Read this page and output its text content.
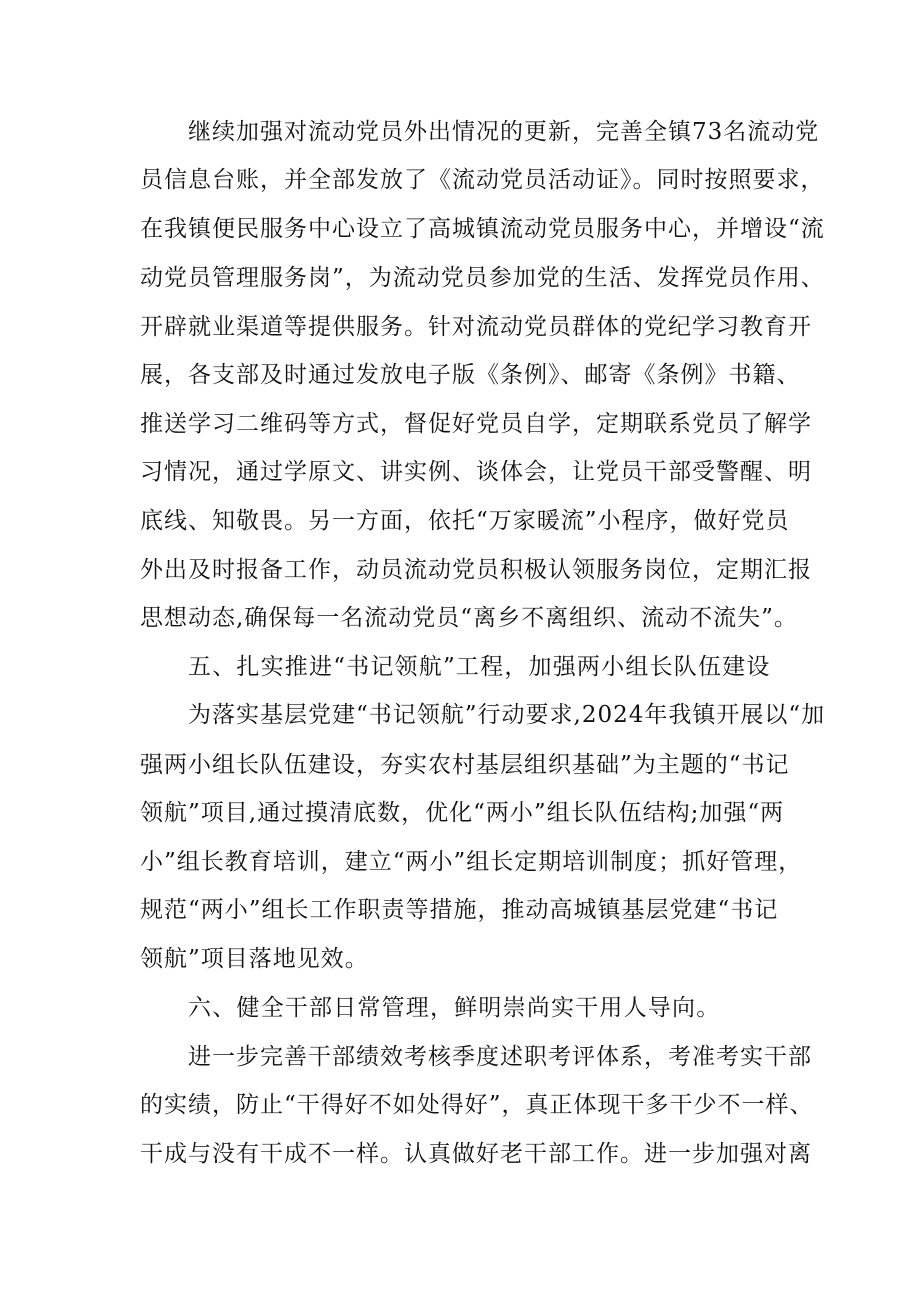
继续加强对流动党员外出情况的更新，完善全镇73名流动党
员信息台账，并全部发放了《流动党员活动证》。同时按照要求，
在我镇便民服务中心设立了高城镇流动党员服务中心，并增设“流
动党员管理服务岗”，为流动党员参加党的生活、发挥党员作用、
开辟就业渠道等提供服务。针对流动党员群体的党纪学习教育开
展，各支部及时通过发放电子版《条例》、邮寄《条例》书籍、
推送学习二维码等方式，督促好党员自学，定期联系党员了解学
习情况，通过学原文、讲实例、谈体会，让党员干部受警醒、明
底线、知敬畏。另一方面，依托“万家暖流”小程序，做好党员
外出及时报备工作，动员流动党员积极认领服务岗位，定期汇报
思想动态,确保每一名流动党员“离乡不离组织、流动不流失”。
五、扎实推进“书记领航”工程，加强两小组长队伍建设
为落实基层党建“书记领航”行动要求,2024年我镇开展以“加
强两小组长队伍建设，夯实农村基层组织基础”为主题的“书记
领航”项目,通过摸清底数，优化“两小”组长队伍结构;加强“两
小”组长教育培训，建立“两小”组长定期培训制度；抓好管理，
规范“两小”组长工作职责等措施，推动高城镇基层党建“书记
领航”项目落地见效。
六、健全干部日常管理，鲜明崇尚实干用人导向。
进一步完善干部绩效考核季度述职考评体系，考准考实干部
的实绩，防止“干得好不如处得好”，真正体现干多干少不一样、
干成与没有干成不一样。认真做好老干部工作。进一步加强对离
